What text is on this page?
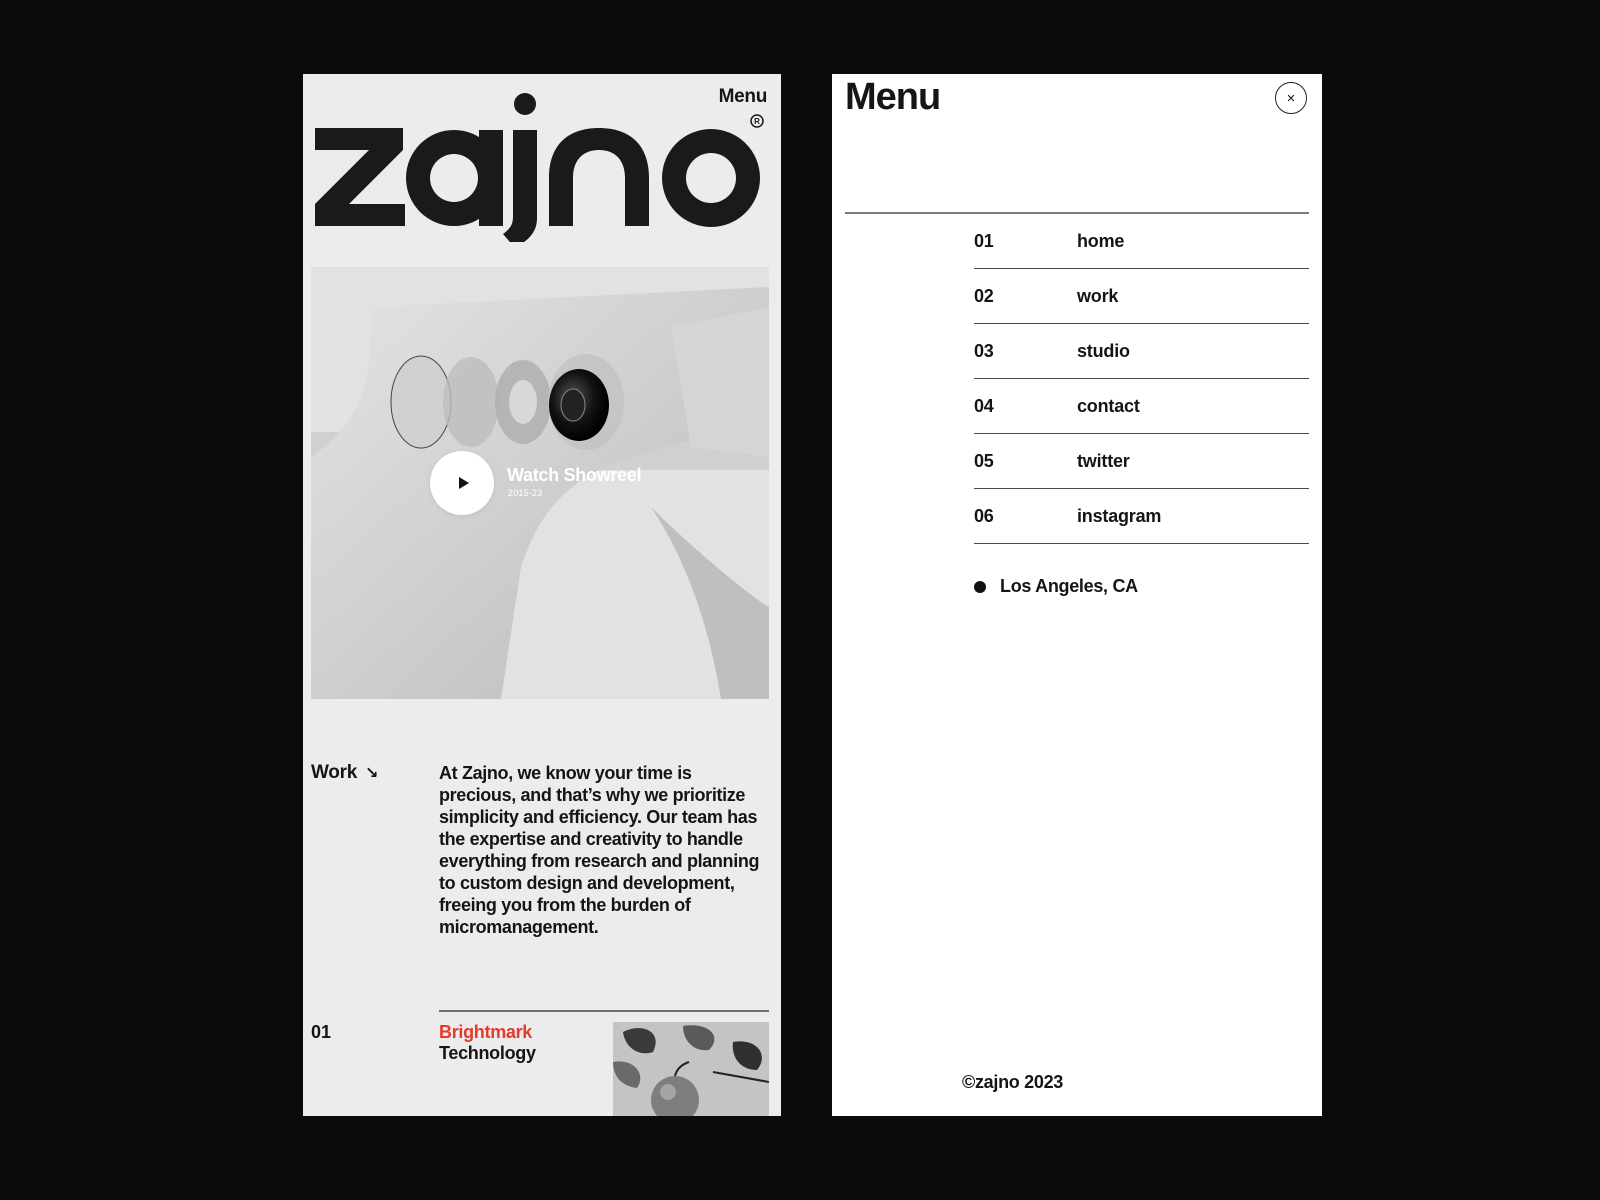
Menu
R
Watch Showreel
2015-23
Work ↘	At Zajno, we know your time is precious, and that’s why we prioritize simplicity and efficiency. Our team has the expertise and creativity to handle everything from research and planning to custom design and development, freeing you from the burden of micromanagement.

01	Brightmark
Technology
Menu	×
01	home
02	work
03	studio
04	contact
05	twitter
06	instagram
Los Angeles, CA
©zajno 2023
